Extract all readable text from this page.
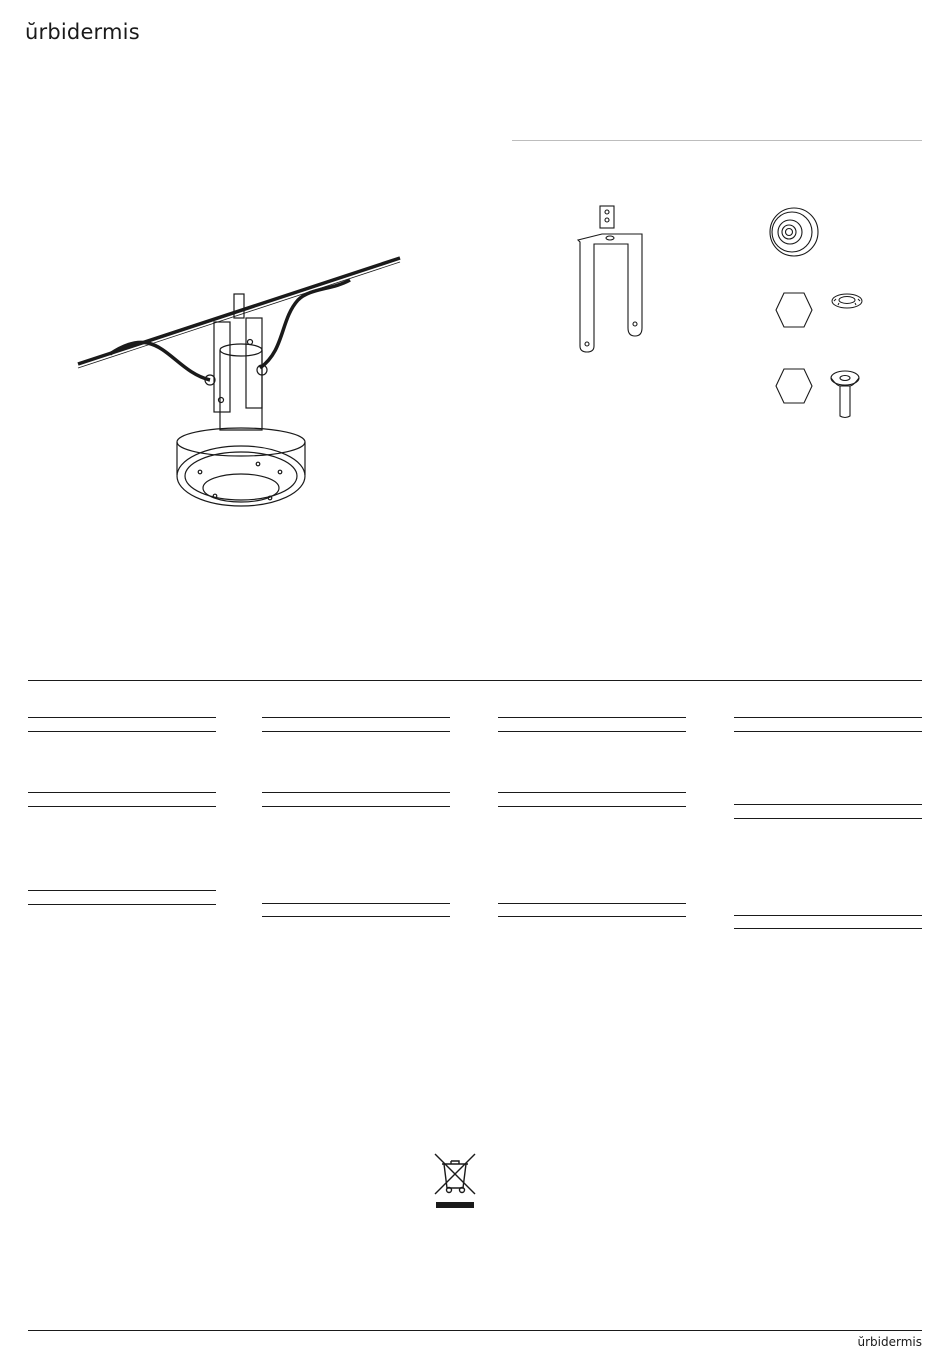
ŭrbidermis
ŭrbidermis
